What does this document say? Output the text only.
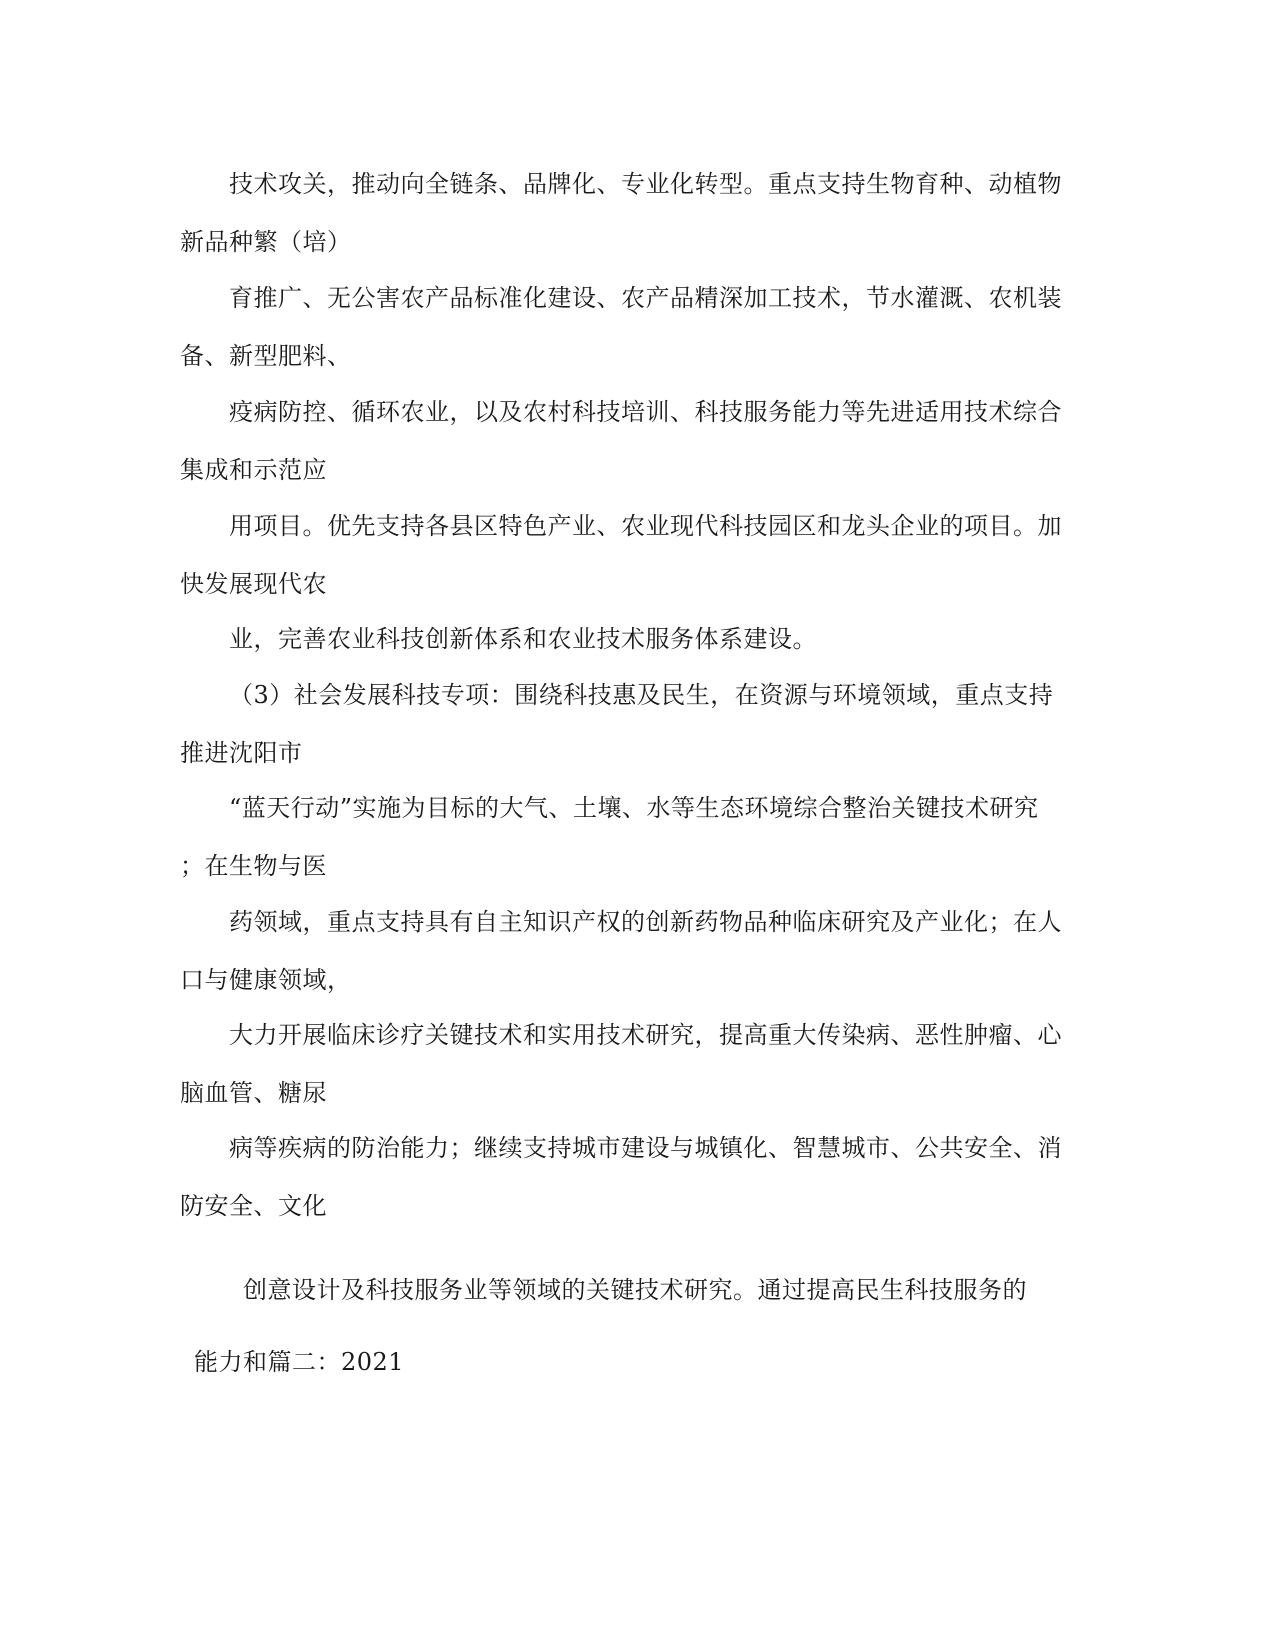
技术攻关，推动向全链条、品牌化、专业化转型。重点支持生物育种、动植物
新品种繁（培）
育推广、无公害农产品标准化建设、农产品精深加工技术，节水灌溉、农机装
备、新型肥料、
疫病防控、循环农业，以及农村科技培训、科技服务能力等先进适用技术综合
集成和示范应
用项目。优先支持各县区特色产业、农业现代科技园区和龙头企业的项目。加
快发展现代农
业，完善农业科技创新体系和农业技术服务体系建设。
（3）社会发展科技专项：围绕科技惠及民生，在资源与环境领域，重点支持
推进沈阳市
“蓝天行动”实施为目标的大气、土壤、水等生态环境综合整治关键技术研究
；在生物与医
药领域，重点支持具有自主知识产权的创新药物品种临床研究及产业化；在人
口与健康领域，
大力开展临床诊疗关键技术和实用技术研究，提高重大传染病、恶性肿瘤、心
脑血管、糖尿
病等疾病的防治能力；继续支持城市建设与城镇化、智慧城市、公共安全、消
防安全、文化
创意设计及科技服务业等领域的关键技术研究。通过提高民生科技服务的
能力和篇二：2021
